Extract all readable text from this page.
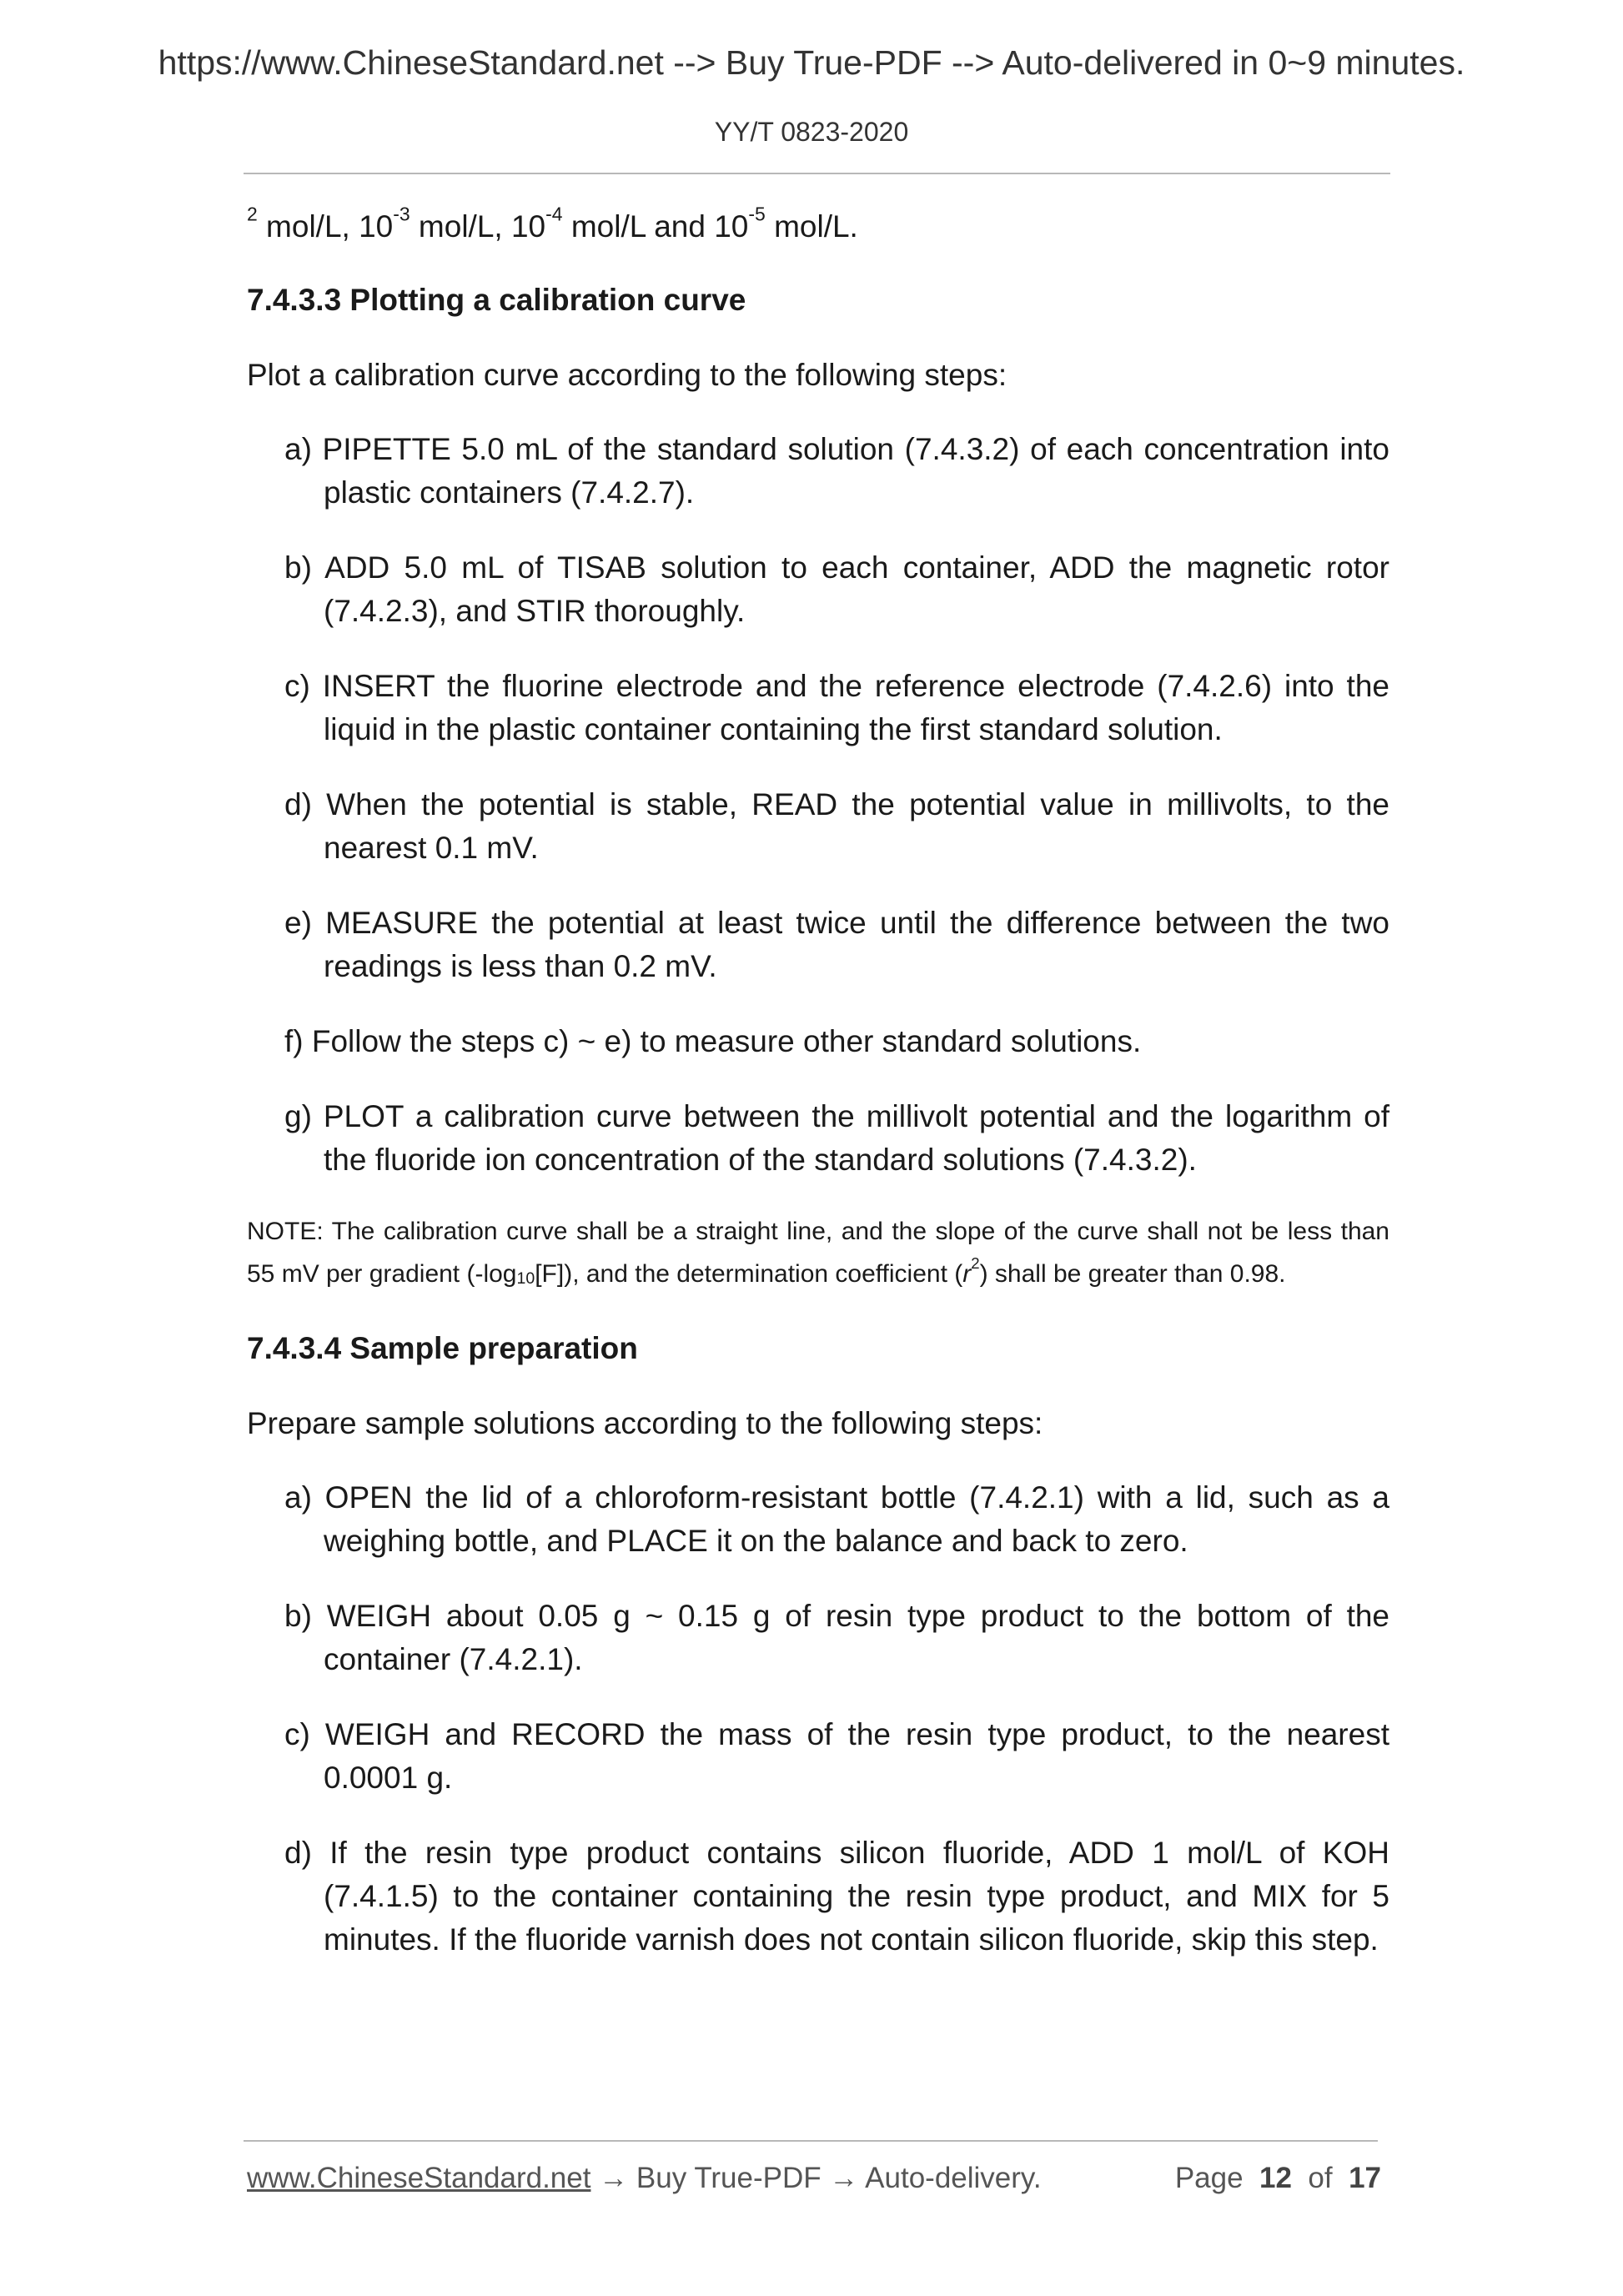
https://www.ChineseStandard.net --> Buy True-PDF --> Auto-delivered in 0~9 minutes.
YY/T 0823-2020

$^2$ mol/L, $10^{-3}$ mol/L, $10^{-4}$ mol/L and $10^{-5}$ mol/L.

7.4.3.3 Plotting a calibration curve

Plot a calibration curve according to the following steps:

a) PIPETTE 5.0 mL of the standard solution (7.4.3.2) of each concentration into plastic containers (7.4.2.7).
b) ADD 5.0 mL of TISAB solution to each container, ADD the magnetic rotor (7.4.2.3), and STIR thoroughly.
c) INSERT the fluorine electrode and the reference electrode (7.4.2.6) into the liquid in the plastic container containing the first standard solution.
d) When the potential is stable, READ the potential value in millivolts, to the nearest 0.1 mV.
e) MEASURE the potential at least twice until the difference between the two readings is less than 0.2 mV.
f) Follow the steps c) ~ e) to measure other standard solutions.
g) PLOT a calibration curve between the millivolt potential and the logarithm of the fluoride ion concentration of the standard solutions (7.4.3.2).

NOTE: The calibration curve shall be a straight line, and the slope of the curve shall not be less than 55 mV per gradient $(-\log_{10}[F])$, and the determination coefficient $(r^2)$ shall be greater than 0.98.

7.4.3.4 Sample preparation

Prepare sample solutions according to the following steps:

a) OPEN the lid of a chloroform-resistant bottle (7.4.2.1) with a lid, such as a weighing bottle, and PLACE it on the balance and back to zero.
b) WEIGH about 0.05 g ~ 0.15 g of resin type product to the bottom of the container (7.4.2.1).
c) WEIGH and RECORD the mass of the resin type product, to the nearest 0.0001 g.
d) If the resin type product contains silicon fluoride, ADD 1 mol/L of KOH (7.4.1.5) to the container containing the resin type product, and MIX for 5 minutes. If the fluoride varnish does not contain silicon fluoride, skip this step.
www.ChineseStandard.net → Buy True-PDF → Auto-delivery.	Page 12 of 17
